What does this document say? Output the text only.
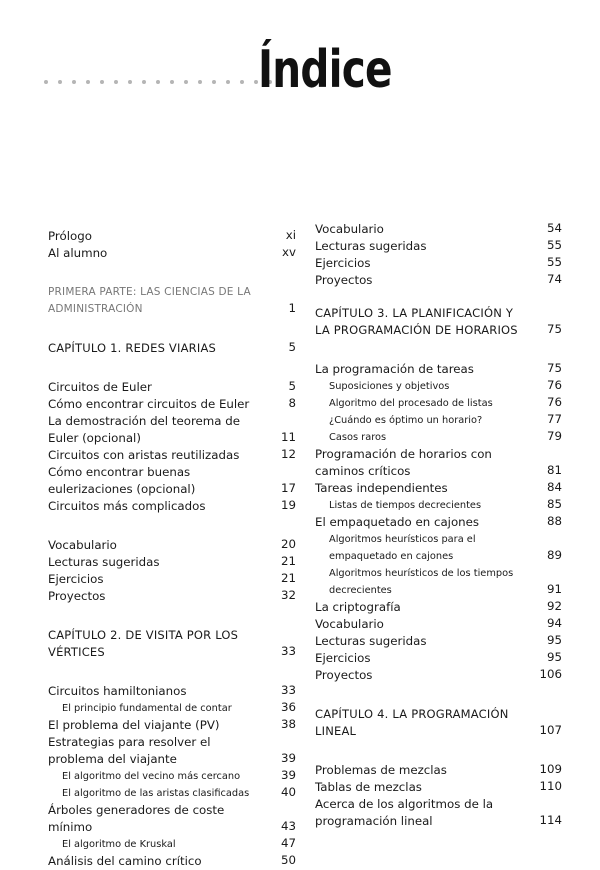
Índice
Prólogo	xi
Al alumno	xv
PRIMERA PARTE: LAS CIENCIAS DE LA ADMINISTRACIÓN	1
CAPÍTULO 1. REDES VIARIAS	5
Circuitos de Euler	5
Cómo encontrar circuitos de Euler	8
La demostración del teorema de Euler (opcional)	11
Circuitos con aristas reutilizadas	12
Cómo encontrar buenas eulerizaciones (opcional)	17
Circuitos más complicados	19
Vocabulario	20
Lecturas sugeridas	21
Ejercicios	21
Proyectos	32
CAPÍTULO 2. DE VISITA POR LOS VÉRTICES	33
Circuitos hamiltonianos	33
El principio fundamental de contar	36
El problema del viajante (PV)	38
Estrategias para resolver el problema del viajante	39
El algoritmo del vecino más cercano	39
El algoritmo de las aristas clasificadas	40
Árboles generadores de coste mínimo	43
El algoritmo de Kruskal	47
Análisis del camino crítico	50
Vocabulario	54
Lecturas sugeridas	55
Ejercicios	55
Proyectos	74
CAPÍTULO 3. LA PLANIFICACIÓN Y LA PROGRAMACIÓN DE HORARIOS	75
La programación de tareas	75
Suposiciones y objetivos	76
Algoritmo del procesado de listas	76
¿Cuándo es óptimo un horario?	77
Casos raros	79
Programación de horarios con caminos críticos	81
Tareas independientes	84
Listas de tiempos decrecientes	85
El empaquetado en cajones	88
Algoritmos heurísticos para el empaquetado en cajones	89
Algoritmos heurísticos de los tiempos decrecientes	91
La criptografía	92
Vocabulario	94
Lecturas sugeridas	95
Ejercicios	95
Proyectos	106
CAPÍTULO 4. LA PROGRAMACIÓN LINEAL	107
Problemas de mezclas	109
Tablas de mezclas	110
Acerca de los algoritmos de la programación lineal	114
